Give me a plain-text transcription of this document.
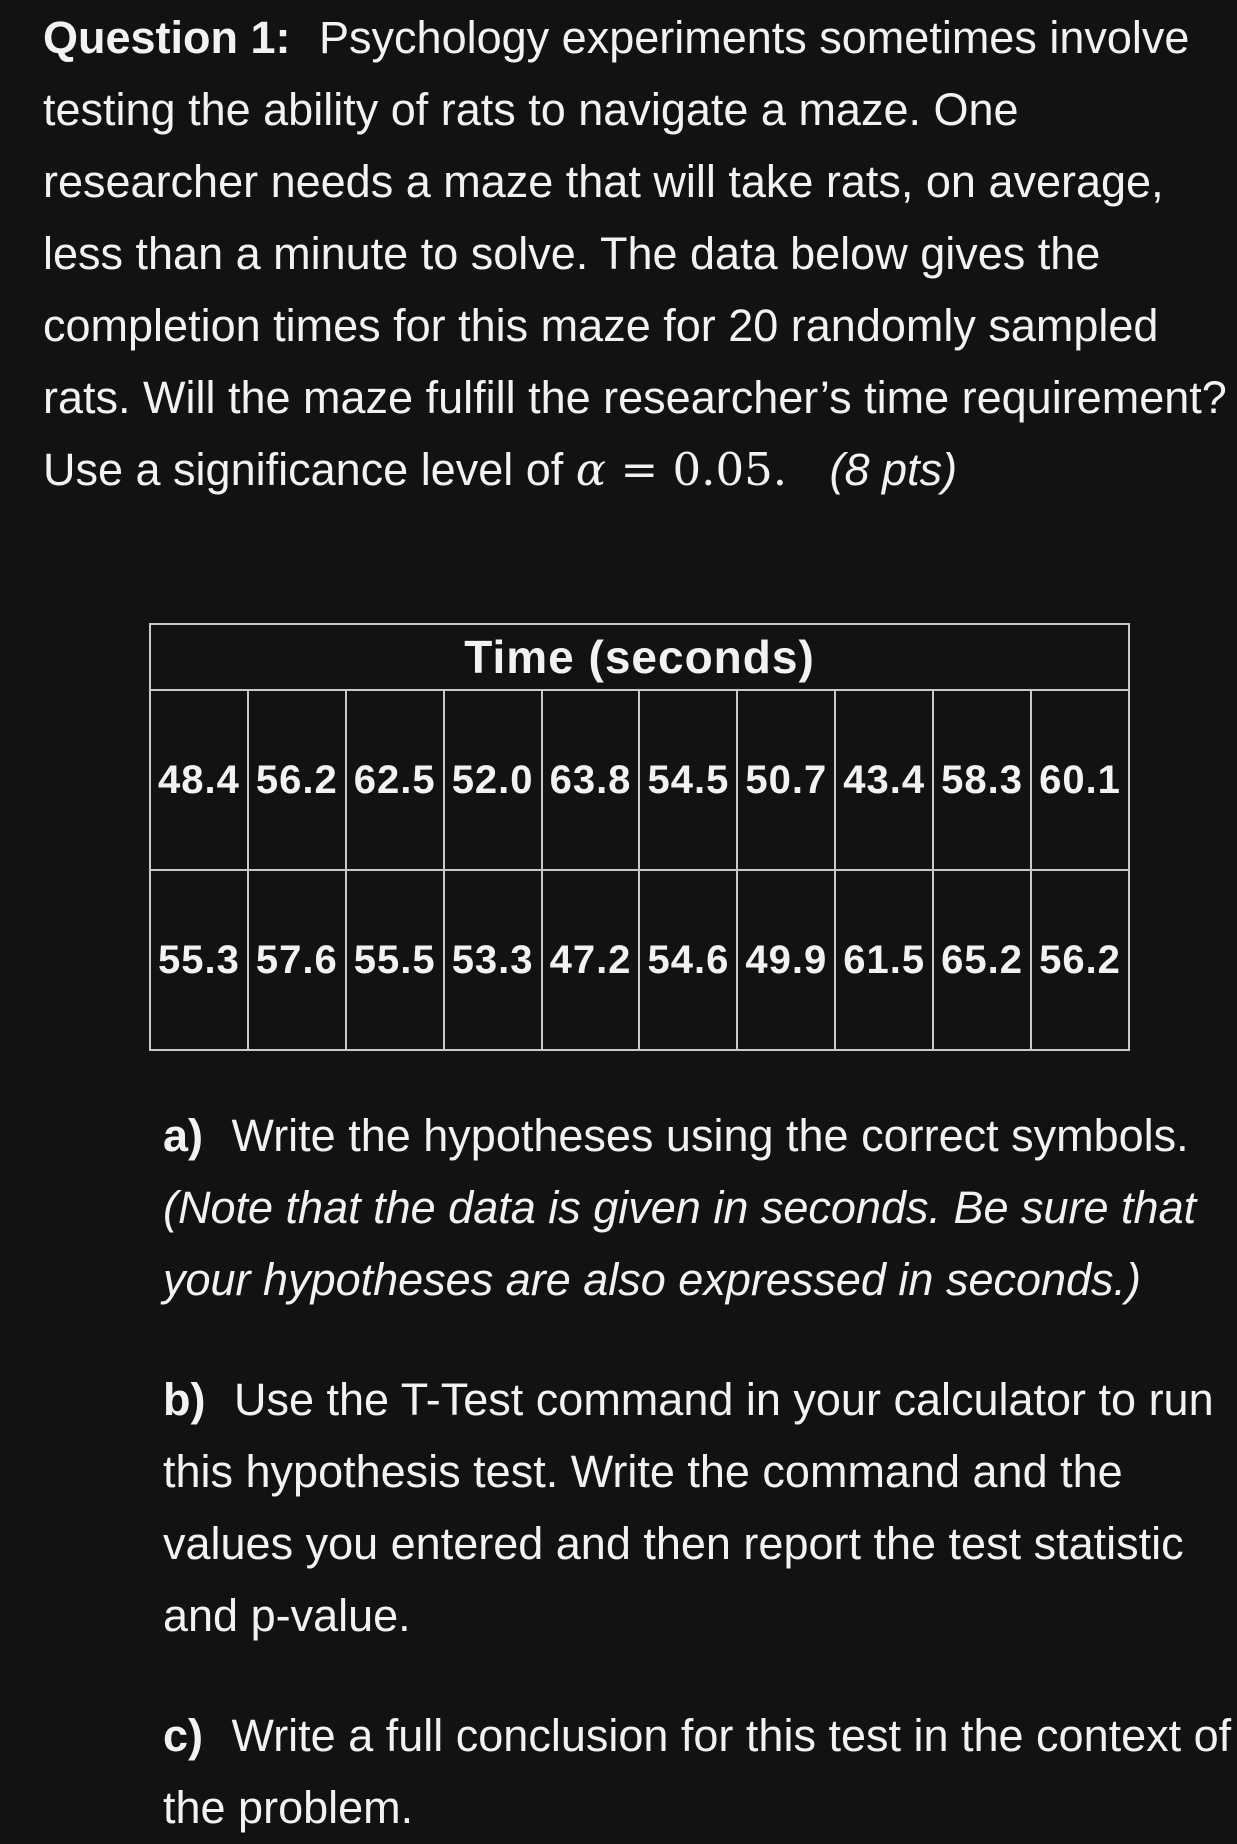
Question 1: Psychology experiments sometimes involve testing the ability of rats to navigate a maze. One researcher needs a maze that will take rats, on average, less than a minute to solve. The data below gives the completion times for this maze for 20 randomly sampled rats. Will the maze fulfill the researcher’s time requirement? Use a significance level of α = 0.05. (8 pts)
Time (seconds)									
48.4	56.2	62.5	52.0	63.8	54.5	50.7	43.4	58.3	60.1
55.3	57.6	55.5	53.3	47.2	54.6	49.9	61.5	65.2	56.2
a) Write the hypotheses using the correct symbols. (Note that the data is given in seconds. Be sure that your hypotheses are also expressed in seconds.)
b) Use the T-Test command in your calculator to run this hypothesis test. Write the command and the values you entered and then report the test statistic and p-value.
c) Write a full conclusion for this test in the context of the problem.
